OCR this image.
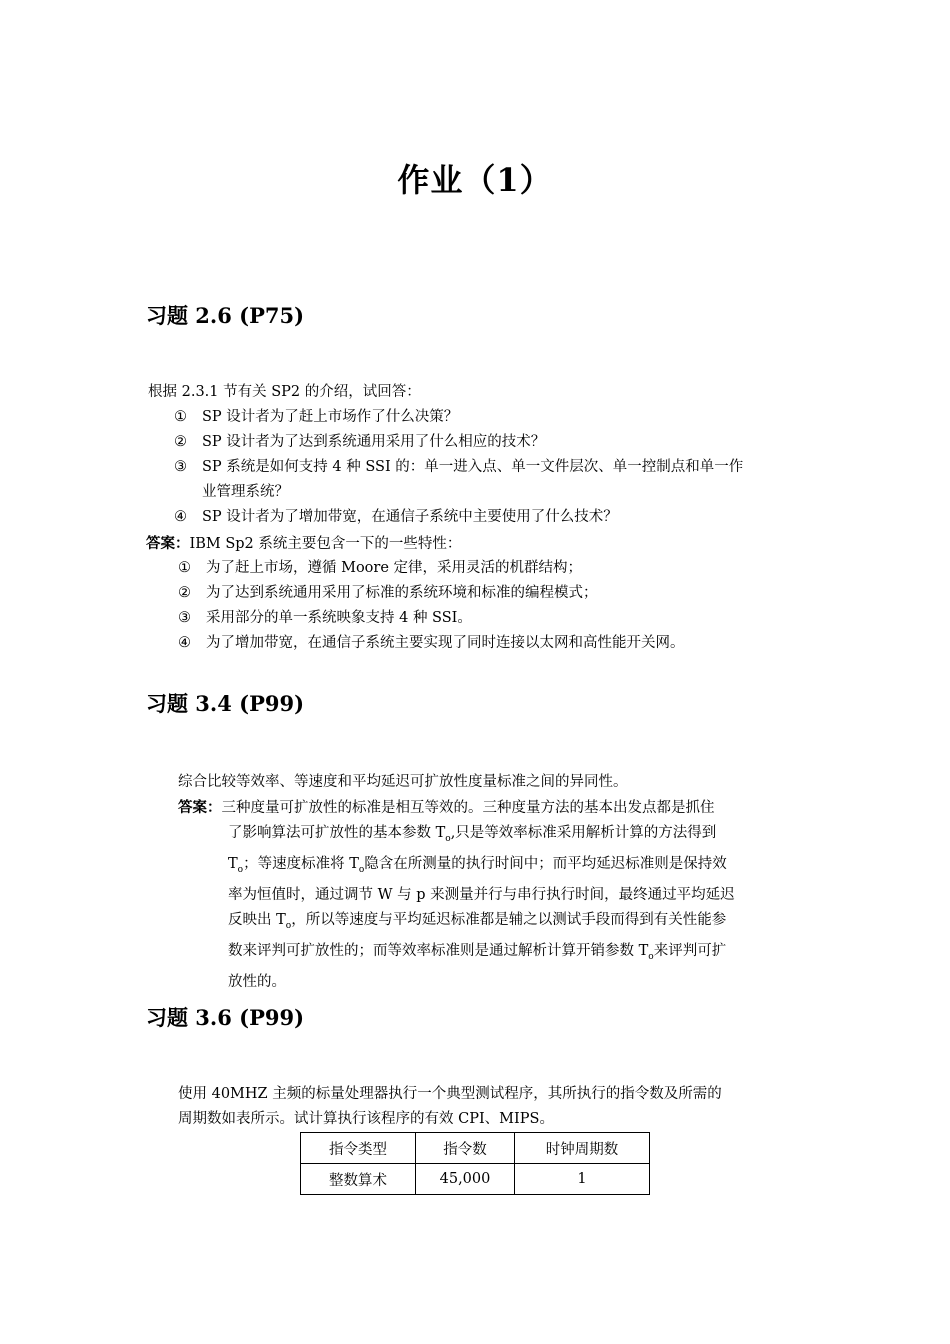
作业（1）
习题 2.6 (P75)
根据 2.3.1 节有关 SP2 的介绍，试回答：
① SP 设计者为了赶上市场作了什么决策？
② SP 设计者为了达到系统通用采用了什么相应的技术？
③ SP 系统是如何支持 4 种 SSI 的：单一进入点、单一文件层次、单一控制点和单一作
业管理系统？
④ SP 设计者为了增加带宽，在通信子系统中主要使用了什么技术？
答案：IBM Sp2 系统主要包含一下的一些特性：
① 为了赶上市场，遵循 Moore 定律，采用灵活的机群结构；
② 为了达到系统通用采用了标准的系统环境和标准的编程模式；
③ 采用部分的单一系统映象支持 4 种 SSI。
④ 为了增加带宽，在通信子系统主要实现了同时连接以太网和高性能开关网。
习题 3.4 (P99)
综合比较等效率、等速度和平均延迟可扩放性度量标准之间的异同性。
答案：三种度量可扩放性的标准是相互等效的。三种度量方法的基本出发点都是抓住
了影响算法可扩放性的基本参数 $T_o$,只是等效率标准采用解析计算的方法得到
$T_o$；等速度标准将 $T_o$隐含在所测量的执行时间中；而平均延迟标准则是保持效
率为恒值时，通过调节 W 与 p 来测量并行与串行执行时间，最终通过平均延迟
反映出 $T_o$，所以等速度与平均延迟标准都是辅之以测试手段而得到有关性能参
数来评判可扩放性的；而等效率标准则是通过解析计算开销参数 $T_o$来评判可扩
放性的。
习题 3.6 (P99)
使用 40MHZ 主频的标量处理器执行一个典型测试程序，其所执行的指令数及所需的
周期数如表所示。试计算执行该程序的有效 CPI、MIPS。
指令类型	指令数	时钟周期数
整数算术	45,000	1
